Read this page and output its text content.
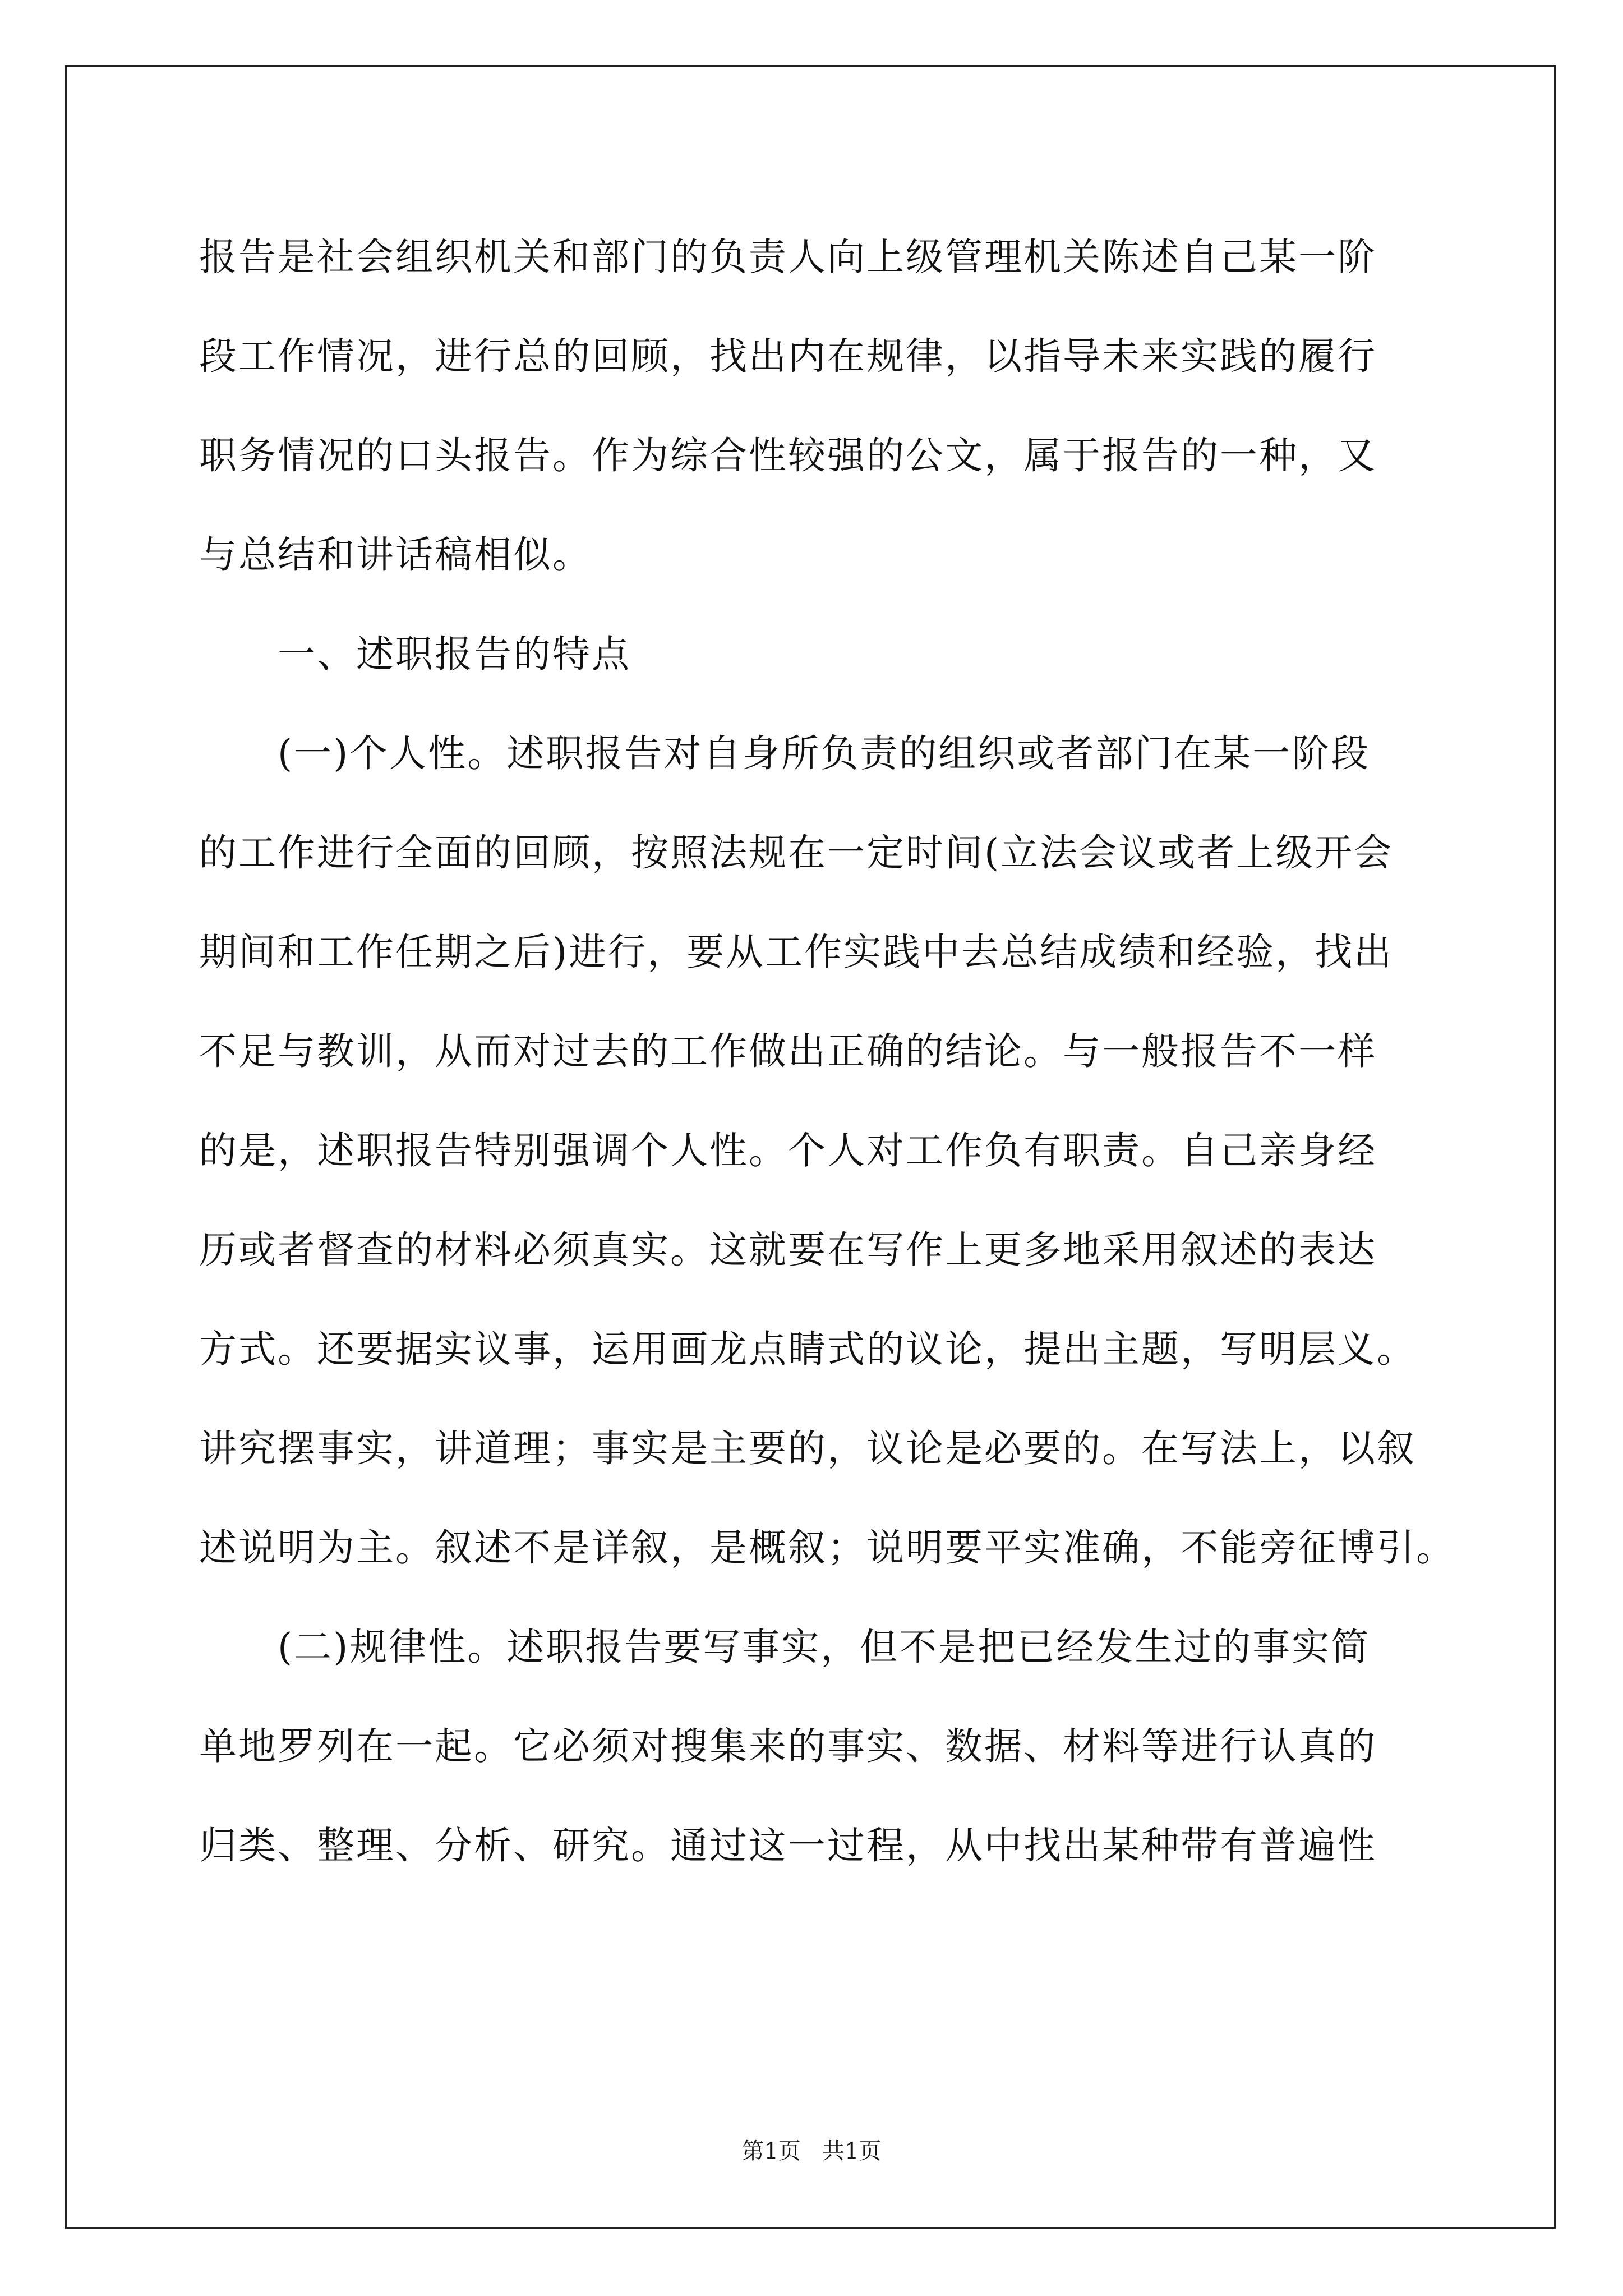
报告是社会组织机关和部门的负责人向上级管理机关陈述自己某一阶
段工作情况，进行总的回顾，找出内在规律，以指导未来实践的履行
职务情况的口头报告。作为综合性较强的公文，属于报告的一种，又
与总结和讲话稿相似。
一、述职报告的特点
(一)个人性。述职报告对自身所负责的组织或者部门在某一阶段
的工作进行全面的回顾，按照法规在一定时间(立法会议或者上级开会
期间和工作任期之后)进行，要从工作实践中去总结成绩和经验，找出
不足与教训，从而对过去的工作做出正确的结论。与一般报告不一样
的是，述职报告特别强调个人性。个人对工作负有职责。自己亲身经
历或者督查的材料必须真实。这就要在写作上更多地采用叙述的表达
方式。还要据实议事，运用画龙点睛式的议论，提出主题，写明层义。
讲究摆事实，讲道理；事实是主要的，议论是必要的。在写法上，以叙
述说明为主。叙述不是详叙，是概叙；说明要平实准确，不能旁征博引。
(二)规律性。述职报告要写事实，但不是把已经发生过的事实简
单地罗列在一起。它必须对搜集来的事实、数据、材料等进行认真的
归类、整理、分析、研究。通过这一过程，从中找出某种带有普遍性
第1页   共1页
